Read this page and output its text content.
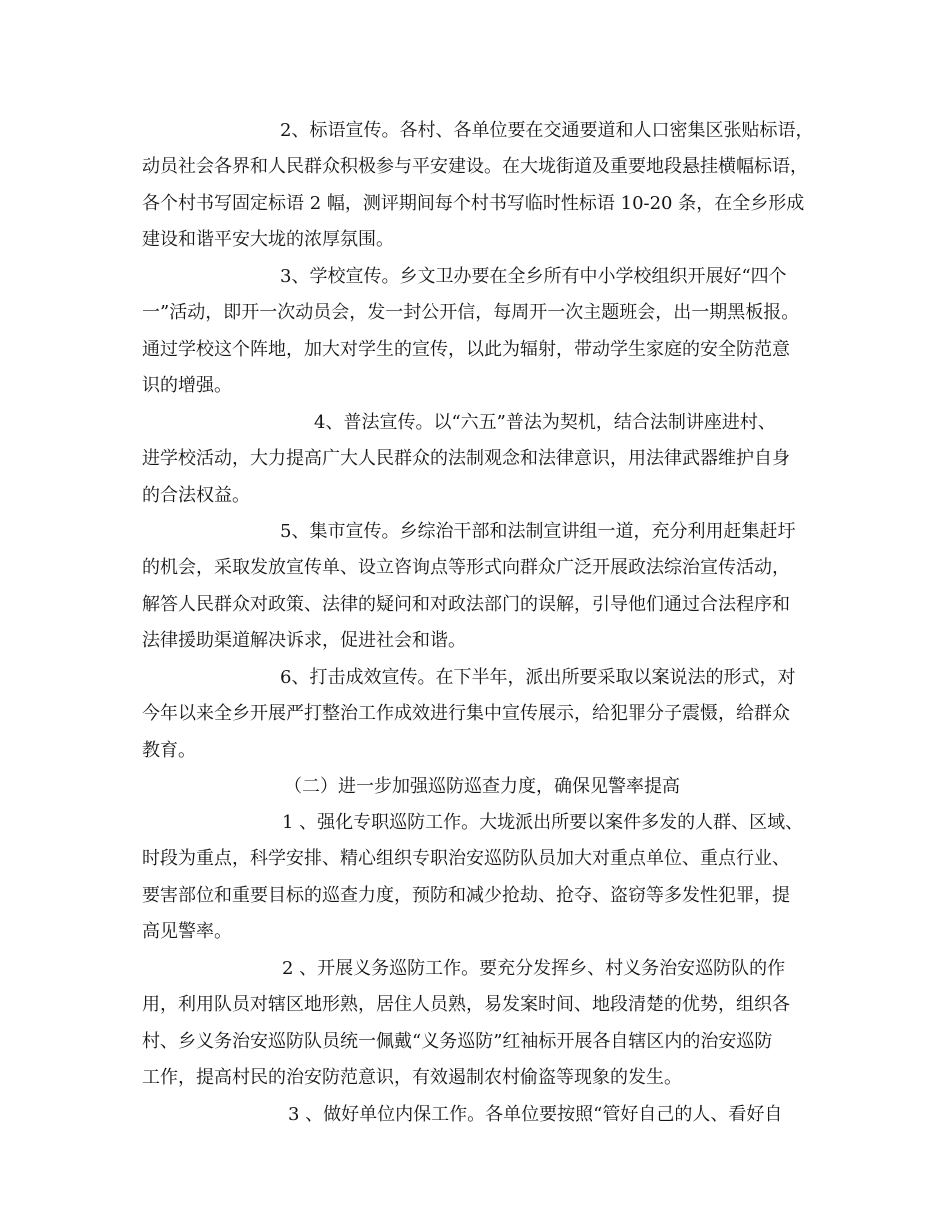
2、标语宣传。各村、各单位要在交通要道和人口密集区张贴标语，
动员社会各界和人民群众积极参与平安建设。在大垅街道及重要地段悬挂横幅标语，
各个村书写固定标语 2 幅，测评期间每个村书写临时性标语 10-20 条，在全乡形成
建设和谐平安大垅的浓厚氛围。
3、学校宣传。乡文卫办要在全乡所有中小学校组织开展好“四个
一”活动，即开一次动员会，发一封公开信，每周开一次主题班会，出一期黑板报。
通过学校这个阵地，加大对学生的宣传，以此为辐射，带动学生家庭的安全防范意
识的增强。
4、普法宣传。以“六五”普法为契机，结合法制讲座进村、
进学校活动，大力提高广大人民群众的法制观念和法律意识，用法律武器维护自身
的合法权益。
5、集市宣传。乡综治干部和法制宣讲组一道，充分利用赶集赶圩
的机会，采取发放宣传单、设立咨询点等形式向群众广泛开展政法综治宣传活动，
解答人民群众对政策、法律的疑问和对政法部门的误解，引导他们通过合法程序和
法律援助渠道解决诉求，促进社会和谐。
6、打击成效宣传。在下半年，派出所要采取以案说法的形式，对
今年以来全乡开展严打整治工作成效进行集中宣传展示，给犯罪分子震慑，给群众
教育。
（二）进一步加强巡防巡查力度，确保见警率提高
1 、强化专职巡防工作。大垅派出所要以案件多发的人群、区域、
时段为重点，科学安排、精心组织专职治安巡防队员加大对重点单位、重点行业、
要害部位和重要目标的巡查力度，预防和减少抢劫、抢夺、盗窃等多发性犯罪，提
高见警率。
2 、开展义务巡防工作。要充分发挥乡、村义务治安巡防队的作
用，利用队员对辖区地形熟，居住人员熟，易发案时间、地段清楚的优势，组织各
村、乡义务治安巡防队员统一佩戴“义务巡防”红袖标开展各自辖区内的治安巡防
工作，提高村民的治安防范意识，有效遏制农村偷盗等现象的发生。
3 、做好单位内保工作。各单位要按照“管好自己的人、看好自
